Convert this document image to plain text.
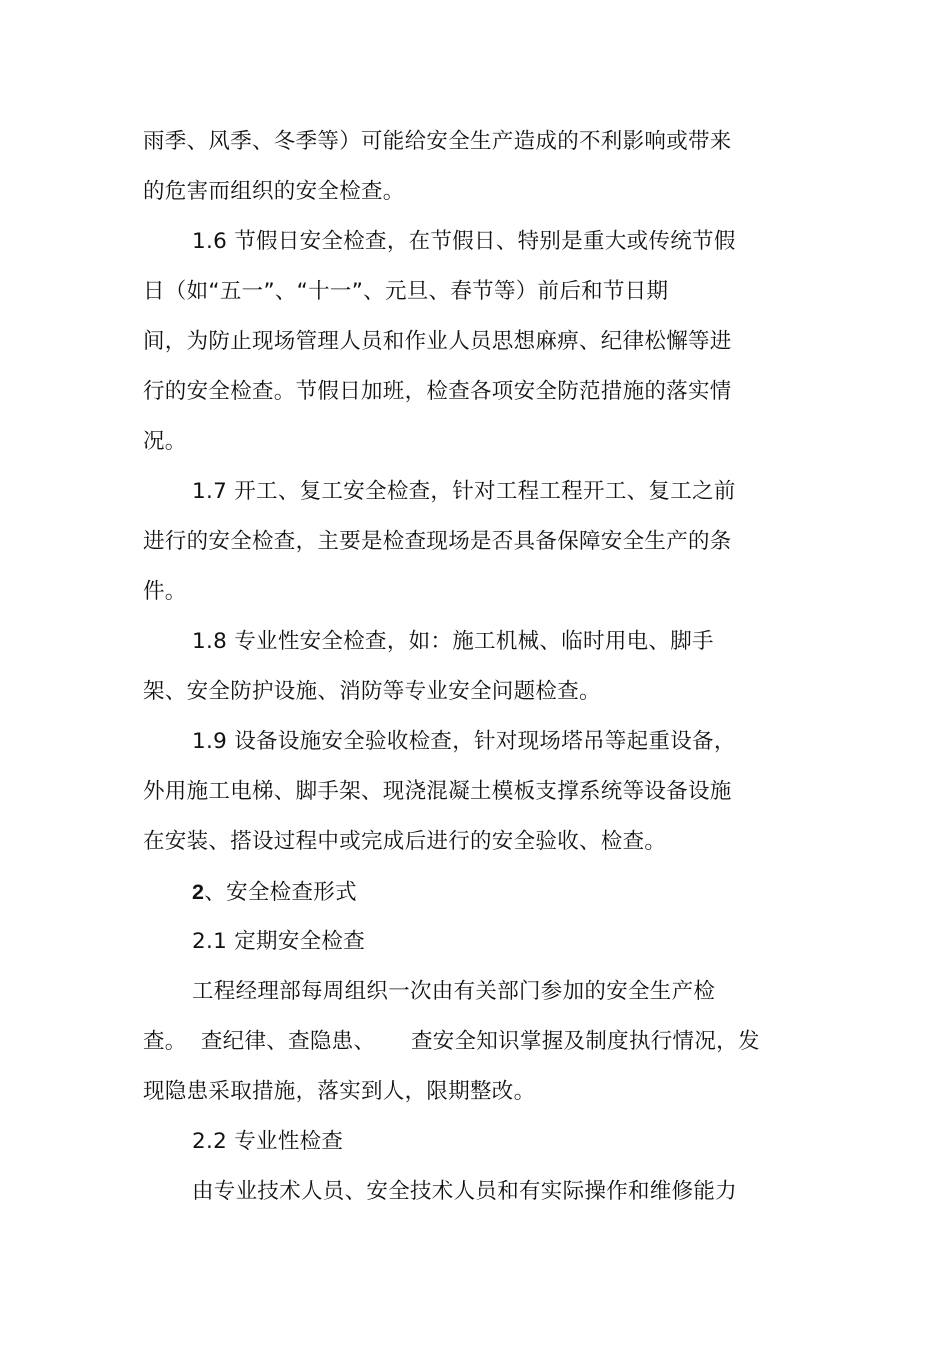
雨季、风季、冬季等）可能给安全生产造成的不利影响或带来
的危害而组织的安全检查。
1.6 节假日安全检查，在节假日、特别是重大或传统节假
日（如“五一”、“十一”、元旦、春节等）前后和节日期
间，为防止现场管理人员和作业人员思想麻痹、纪律松懈等进
行的安全检查。节假日加班，检查各项安全防范措施的落实情
况。
1.7 开工、复工安全检查，针对工程工程开工、复工之前
进行的安全检查，主要是检查现场是否具备保障安全生产的条
件。
1.8 专业性安全检查，如：施工机械、临时用电、脚手
架、安全防护设施、消防等专业安全问题检查。
1.9 设备设施安全验收检查，针对现场塔吊等起重设备，
外用施工电梯、脚手架、现浇混凝土模板支撑系统等设备设施
在安装、搭设过程中或完成后进行的安全验收、检查。
2、安全检查形式
2.1 定期安全检查
工程经理部每周组织一次由有关部门参加的安全生产检
查。  查纪律、查隐患、     查安全知识掌握及制度执行情况，发
现隐患采取措施，落实到人，限期整改。
2.2 专业性检查
由专业技术人员、安全技术人员和有实际操作和维修能力
